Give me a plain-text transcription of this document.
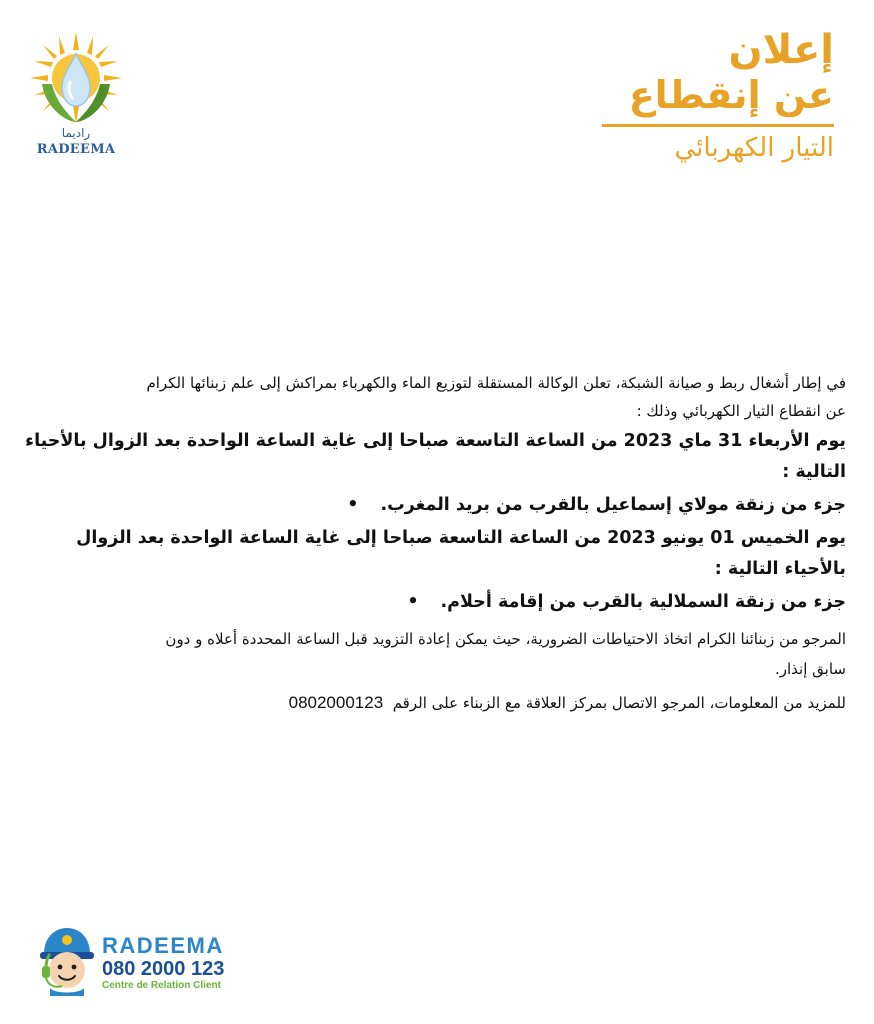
راديما
RADEEMA
إعلان
عن إنقطاع
التيار الكهربائي

في إطار أشغال ربط و صيانة الشبكة، تعلن الوكالة المستقلة لتوزيع الماء والكهرباء بمراكش إلى علم زبنائها الكرام

عن انقطاع التيار الكهربائي وذلك :

يوم الأربعاء 31 ماي 2023 من الساعة التاسعة صباحا إلى غاية الساعة الواحدة بعد الزوال بالأحياء

التالية :

جزء من زنقة مولاي إسماعيل بالقرب من بريد المغرب.•

يوم الخميس 01 يونيو 2023 من الساعة التاسعة صباحا إلى غاية الساعة الواحدة بعد الزوال

بالأحياء التالية :

جزء من زنقة السملالية بالقرب من إقامة أحلام.•

المرجو من زبنائنا الكرام اتخاذ الاحتياطات الضرورية، حيث يمكن إعادة التزويد قبل الساعة المحددة أعلاه و دون

سابق إنذار.

للمزيد من المعلومات، المرجو الاتصال بمركز العلاقة مع الزبناء على الرقم  0802000123

RADEEMA
080 2000 123
Centre de Relation Client
